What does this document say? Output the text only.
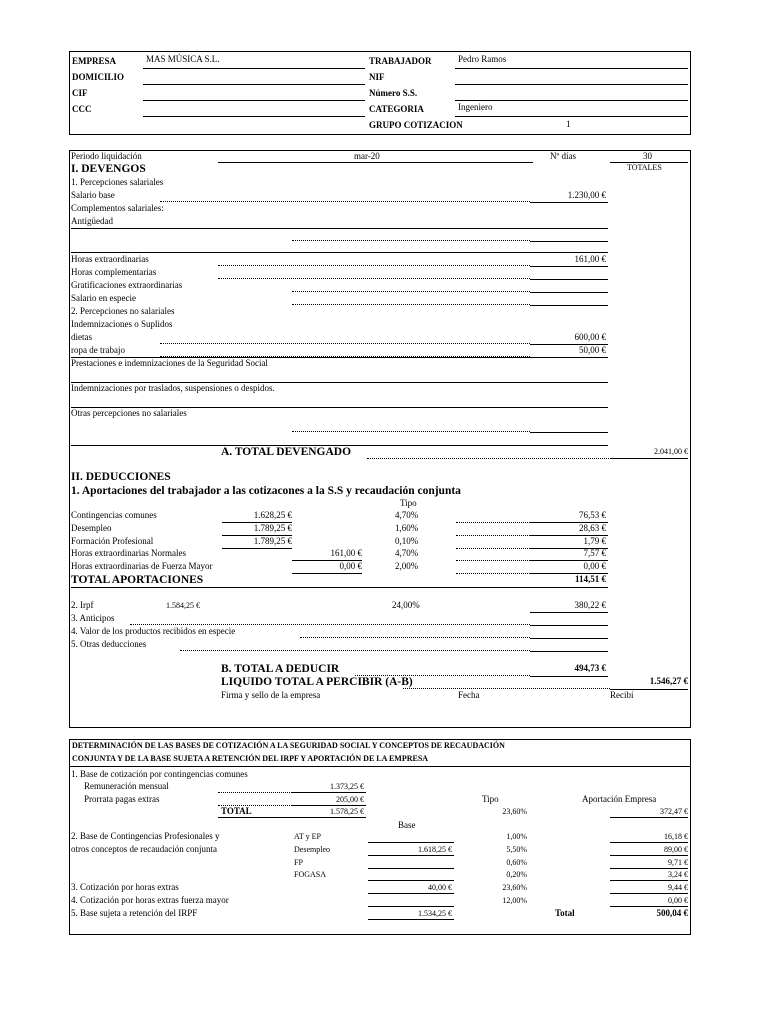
EMPRESA	MAS MÚSICA S.L.
DOMICILIO
CIF
CCC
TRABAJADOR	Pedro Ramos
NIF
Número S.S.
CATEGORIA	Ingeniero
GRUPO COTIZACION	1
Periodo liquidación	mar-20	Nº días	30
TOTALES
I. DEVENGOS
1. Percepciones salariales
Salario base	1.230,00 €
Complementos salariales:
Antigüedad
Horas extraordinarias	161,00 €
Horas complementarias
Gratificaciones extraordinarias
Salario en especie
2. Percepciones no salariales
Indemnizaciones o Suplidos
dietas	600,00 €
ropa de trabajo	50,00 €
Prestaciones e indemnizaciones de la Seguridad Social
Indemnizaciones por traslados, suspensiones o despidos.
Otras percepciones no salariales
A. TOTAL DEVENGADO	2.041,00 €
II. DEDUCCIONES
1. Aportaciones del trabajador a las cotizacones a la S.S y recaudación conjunta
Tipo
Contingencias comunes	1.628,25 €	4,70%	76,53 €
Desempleo	1.789,25 €	1,60%	28,63 €
Formación Profesional	1.789,25 €	0,10%	1,79 €
Horas extraordinarias Normales	161,00 €	4,70%	7,57 €
Horas extraordinarias de Fuerza Mayor	0,00 €	2,00%	0,00 €
TOTAL APORTACIONES	114,51 €
2. Irpf	1.584,25 €	24,00%	380,22 €
3. Anticipos
4. Valor de los productos recibidos en especie
5. Otras deducciones
B. TOTAL A DEDUCIR	494,73 €
LIQUIDO TOTAL A PERCIBIR (A-B)	1.546,27 €
Firma y sello de la empresa	Fecha	Recibí
DETERMINACIÓN DE LAS BASES DE COTIZACIÓN A LA SEGURIDAD SOCIAL Y CONCEPTOS DE RECAUDACIÓN
CONJUNTA Y DE LA BASE SUJETA A RETENCIÓN DEL IRPF Y APORTACIÓN DE LA EMPRESA
1. Base de cotización por contingencias comunes
Remuneración mensual	1.373,25 €
Prorrata pagas extras	205,00 €	Tipo	Aportación Empresa
TOTAL	1.578,25 €	23,60%	372,47 €
Base
2. Base de Contingencias Profesionales y
otros conceptos de recaudación conjunta
AT y EP	1,00%	16,18 €
Desempleo	1.618,25 €	5,50%	89,00 €
FP	0,60%	9,71 €
FOGASA	0,20%	3,24 €
3. Cotización por horas extras	40,00 €	23,60%	9,44 €
4. Cotización por horas extras fuerza mayor	12,00%	0,00 €
5. Base sujeta a retención del IRPF	1.534,25 €	Total	500,04 €
